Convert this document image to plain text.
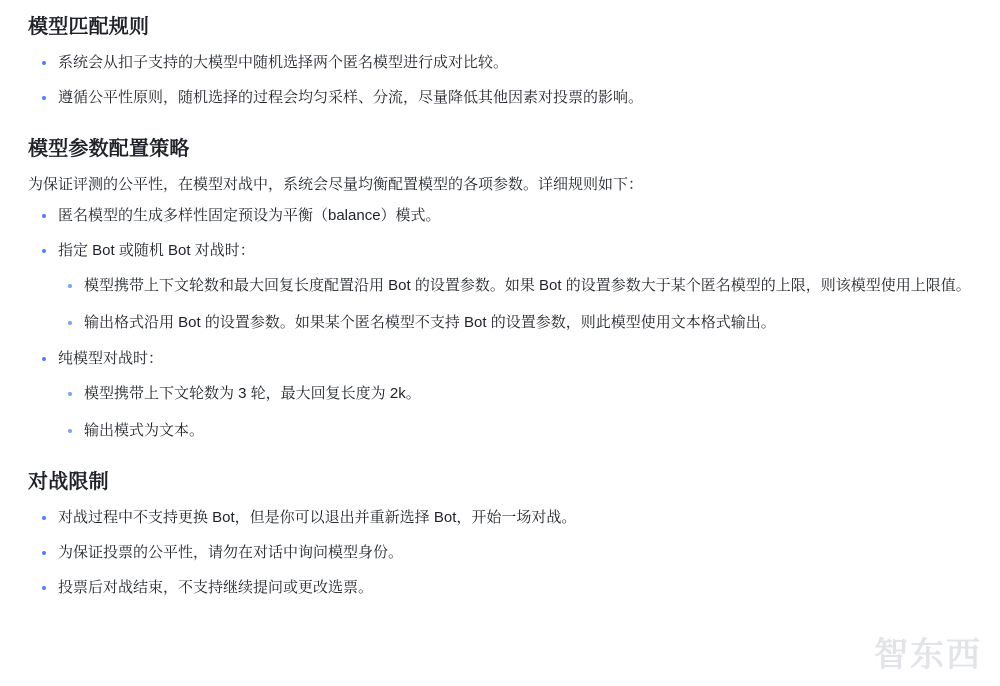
模型匹配规则
系统会从扣子支持的大模型中随机选择两个匿名模型进行成对比较。
遵循公平性原则，随机选择的过程会均匀采样、分流，尽量降低其他因素对投票的影响。
模型参数配置策略

为保证评测的公平性，在模型对战中，系统会尽量均衡配置模型的各项参数。详细规则如下：

匿名模型的生成多样性固定预设为平衡（balance）模式。
指定 Bot 或随机 Bot 对战时：
模型携带上下文轮数和最大回复长度配置沿用 Bot 的设置参数。如果 Bot 的设置参数大于某个匿名模型的上限，则该模型使用上限值。
输出格式沿用 Bot 的设置参数。如果某个匿名模型不支持 Bot 的设置参数，则此模型使用文本格式输出。
纯模型对战时：
模型携带上下文轮数为 3 轮，最大回复长度为 2k。
输出模式为文本。
对战限制
对战过程中不支持更换 Bot，但是你可以退出并重新选择 Bot，开始一场对战。
为保证投票的公平性，请勿在对话中询问模型身份。
投票后对战结束，不支持继续提问或更改选票。
智东西
